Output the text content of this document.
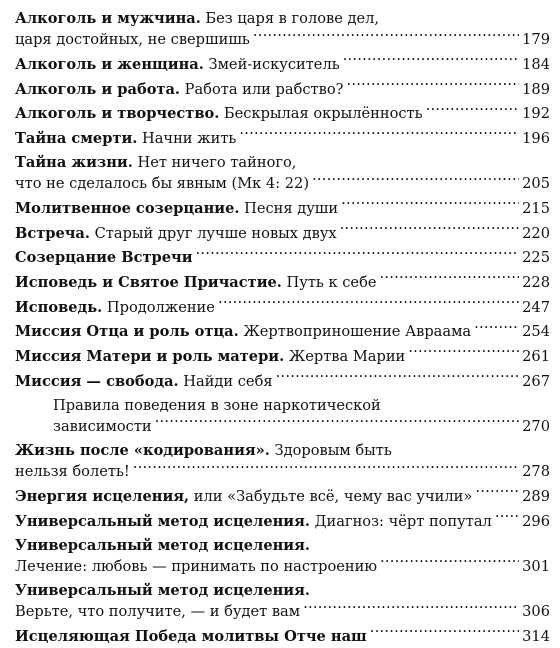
Алкоголь и мужчина. Без царя в голове дел,
царя достойных, не свершишь . . .	179
Алкоголь и женщина. Змей-искуситель . . .	184
Алкоголь и работа. Работа или рабство? . . .	189
Алкоголь и творчество. Бескрылая окрылённость . . .	192
Тайна смерти. Начни жить . . .	196
Тайна жизни. Нет ничего тайного,
что не сделалось бы явным (Мк 4: 22) . . .	205
Молитвенное созерцание. Песня души . . .	215
Встреча. Старый друг лучше новых двух . . .	220
Созерцание Встречи . . .	225
Исповедь и Святое Причастие. Путь к себе . . .	228
Исповедь. Продолжение . . .	247
Миссия Отца и роль отца. Жертвоприношение Авраама . . .	254
Миссия Матери и роль матери. Жертва Марии . . .	261
Миссия — свобода. Найди себя . . .	267
Правила поведения в зоне наркотической
зависимости . . .	270
Жизнь после «кодирования». Здоровым быть
нельзя болеть! . . .	278
Энергия исцеления, или «Забудьте всё, чему вас учили» . . .	289
Универсальный метод исцеления. Диагноз: чёрт попутал . . . 296
Универсальный метод исцеления.
Лечение: любовь — принимать по настроению . . .	301
Универсальный метод исцеления.
Верьте, что получите, — и будет вам . . .	306
Исцеляющая Победа молитвы Отче наш . . .	314
